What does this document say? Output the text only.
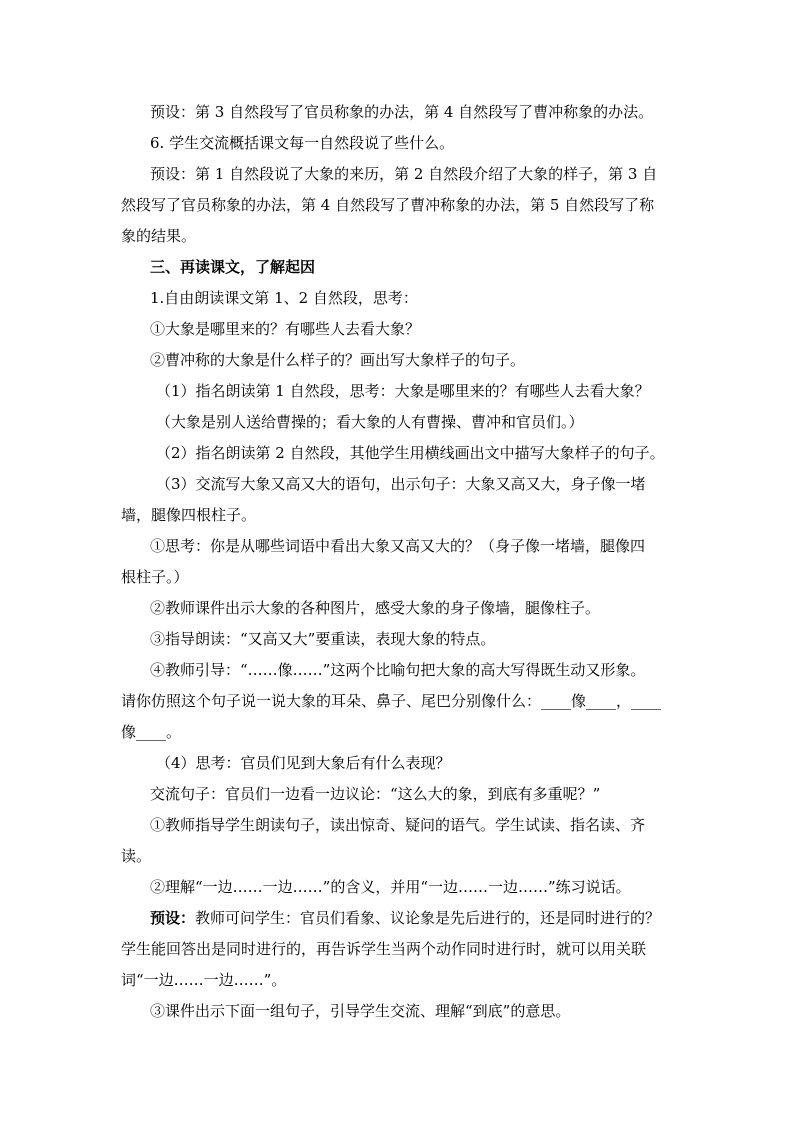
预设：第 3 自然段写了官员称象的办法，第 4 自然段写了曹冲称象的办法。
6. 学生交流概括课文每一自然段说了些什么。
预设：第 1 自然段说了大象的来历，第 2 自然段介绍了大象的样子，第 3 自
然段写了官员称象的办法，第 4 自然段写了曹冲称象的办法，第 5 自然段写了称
象的结果。
三、再读课文，了解起因
1.自由朗读课文第 1、2 自然段，思考：
①大象是哪里来的？有哪些人去看大象？
②曹冲称的大象是什么样子的？画出写大象样子的句子。
（1）指名朗读第 1 自然段，思考：大象是哪里来的？有哪些人去看大象？
（大象是别人送给曹操的；看大象的人有曹操、曹冲和官员们。）
（2）指名朗读第 2 自然段，其他学生用横线画出文中描写大象样子的句子。
（3）交流写大象又高又大的语句，出示句子：大象又高又大，身子像一堵
墙，腿像四根柱子。
①思考：你是从哪些词语中看出大象又高又大的？（身子像一堵墙，腿像四
根柱子。）
②教师课件出示大象的各种图片，感受大象的身子像墙，腿像柱子。
③指导朗读：“又高又大”要重读，表现大象的特点。
④教师引导：“……像……”这两个比喻句把大象的高大写得既生动又形象。
请你仿照这个句子说一说大象的耳朵、鼻子、尾巴分别像什么：____像____，____
像____。
（4）思考：官员们见到大象后有什么表现？
交流句子：官员们一边看一边议论：“这么大的象，到底有多重呢？”
①教师指导学生朗读句子，读出惊奇、疑问的语气。学生试读、指名读、齐
读。
②理解“一边……一边……”的含义，并用“一边……一边……”练习说话。
预设：教师可问学生：官员们看象、议论象是先后进行的，还是同时进行的？
学生能回答出是同时进行的，再告诉学生当两个动作同时进行时，就可以用关联
词“一边……一边……”。
③课件出示下面一组句子，引导学生交流、理解“到底”的意思。
